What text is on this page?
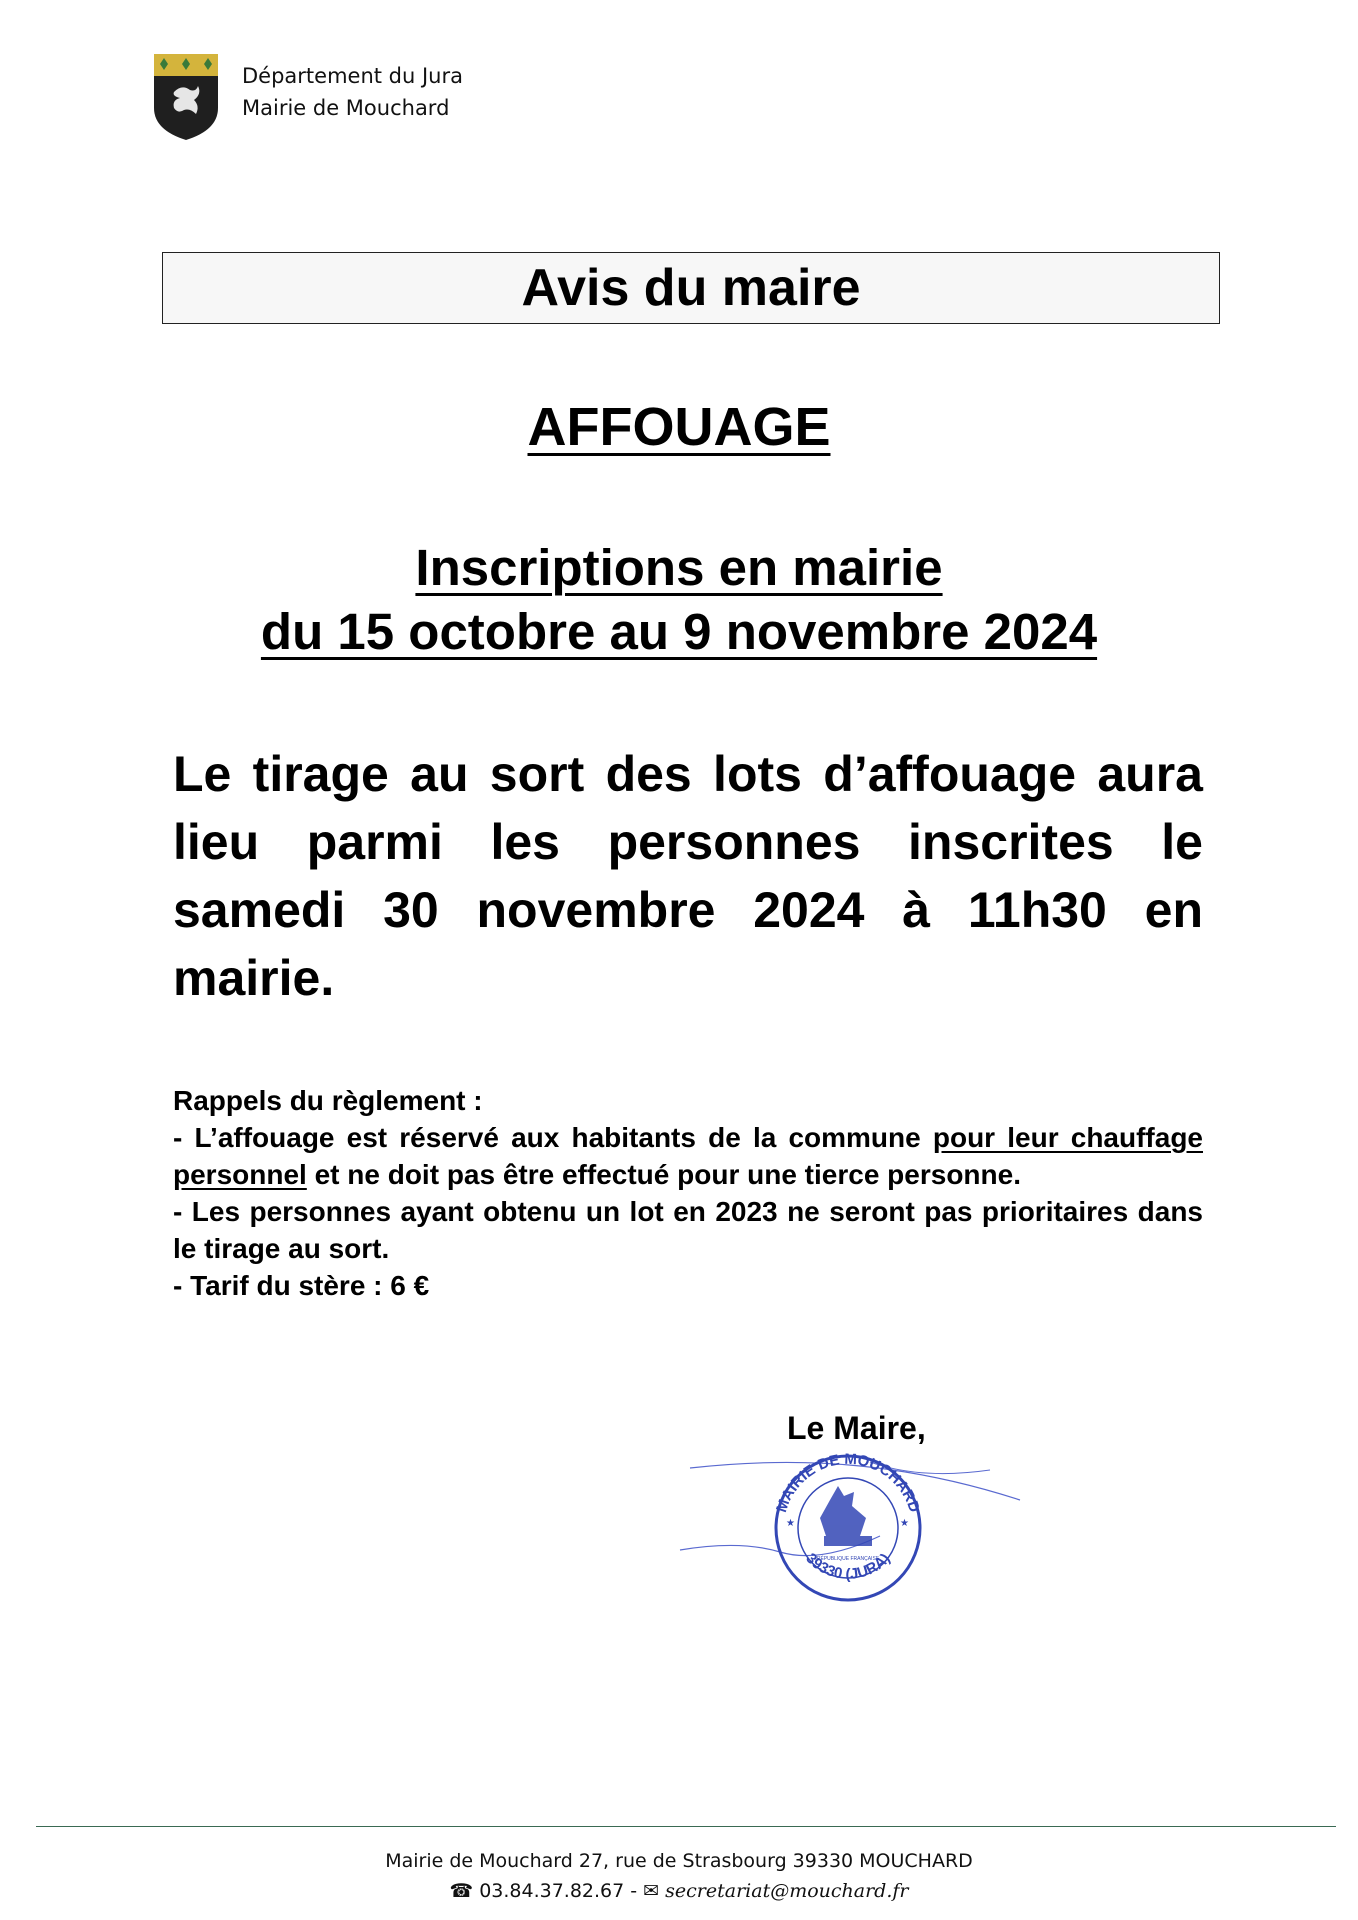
Département du Jura
Mairie de Mouchard
Avis du maire
AFFOUAGE
Inscriptions en mairie
du 15 octobre au 9 novembre 2024
Le tirage au sort des lots d’affouage aura lieu parmi les personnes inscrites le samedi 30 novembre 2024 à 11h30 en mairie.
Rappels du règlement :
- L’affouage est réservé aux habitants de la commune pour leur chauffage personnel et ne doit pas être effectué pour une tierce personne.
- Les personnes ayant obtenu un lot en 2023 ne seront pas prioritaires dans le tirage au sort.
- Tarif du stère : 6 €
Le Maire,
MAIRIE DE MOUCHARD
39330 (JURA)
RÉPUBLIQUE FRANÇAISE
★	★
Mairie de Mouchard 27, rue de Strasbourg 39330 MOUCHARD
☎ 03.84.37.82.67 - ✉ secretariat@mouchard.fr
